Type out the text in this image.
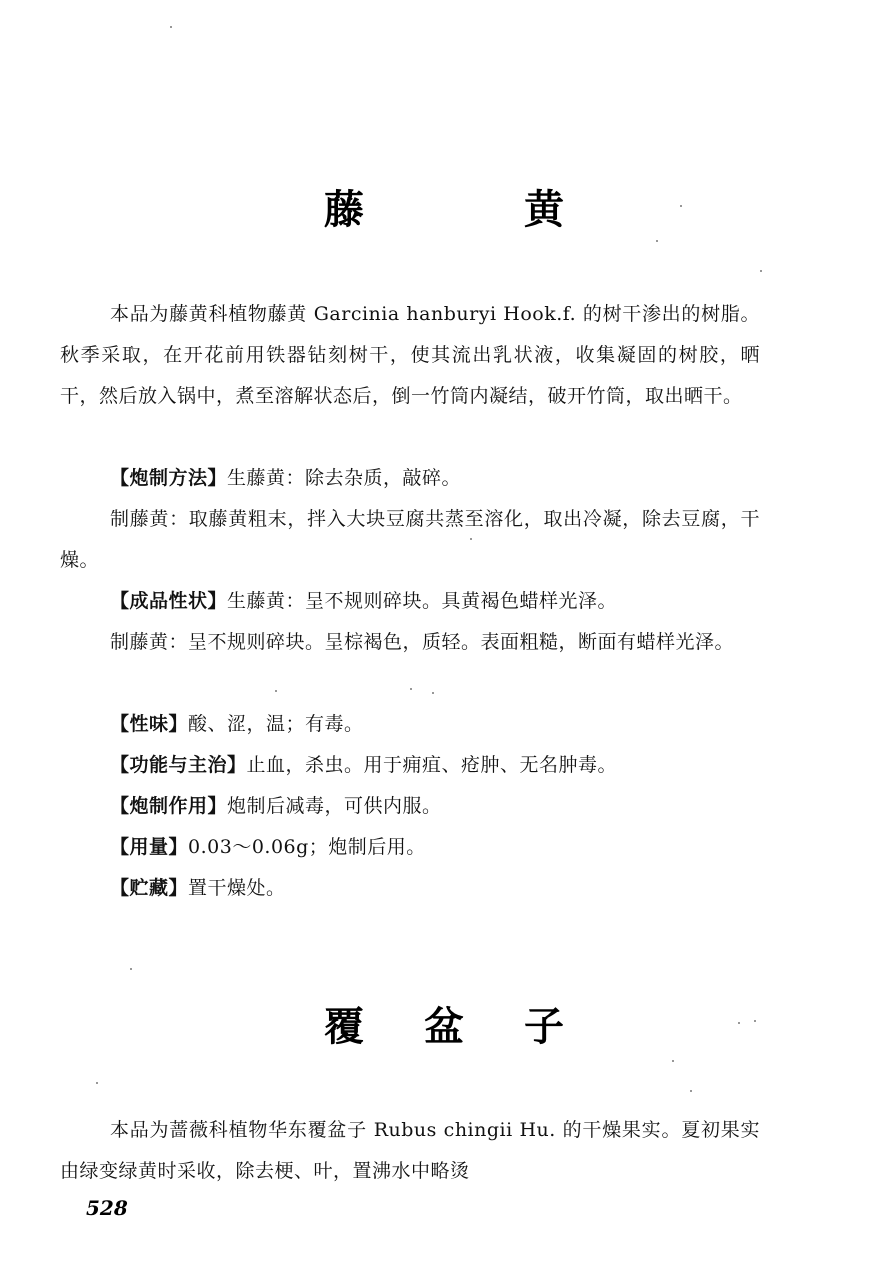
藤　黄

本品为藤黄科植物藤黄 Garcinia hanburyi Hook.f. 的树干渗出的树脂。秋季采取，在开花前用铁器钻刻树干，使其流出乳状液，收集凝固的树胶，晒干，然后放入锅中，煮至溶解状态后，倒一竹筒内凝结，破开竹筒，取出晒干。

【炮制方法】生藤黄：除去杂质，敲碎。

制藤黄：取藤黄粗末，拌入大块豆腐共蒸至溶化，取出冷凝，除去豆腐，干燥。

【成品性状】生藤黄：呈不规则碎块。具黄褐色蜡样光泽。

制藤黄：呈不规则碎块。呈棕褐色，质轻。表面粗糙，断面有蜡样光泽。

【性味】酸、涩，温；有毒。

【功能与主治】止血，杀虫。用于痈疽、疮肿、无名肿毒。

【炮制作用】炮制后减毒，可供内服。

【用量】0.03～0.06g；炮制后用。

【贮藏】置干燥处。

覆盆子

本品为蔷薇科植物华东覆盆子 Rubus chingii Hu. 的干燥果实。夏初果实由绿变绿黄时采收，除去梗、叶，置沸水中略烫

528
